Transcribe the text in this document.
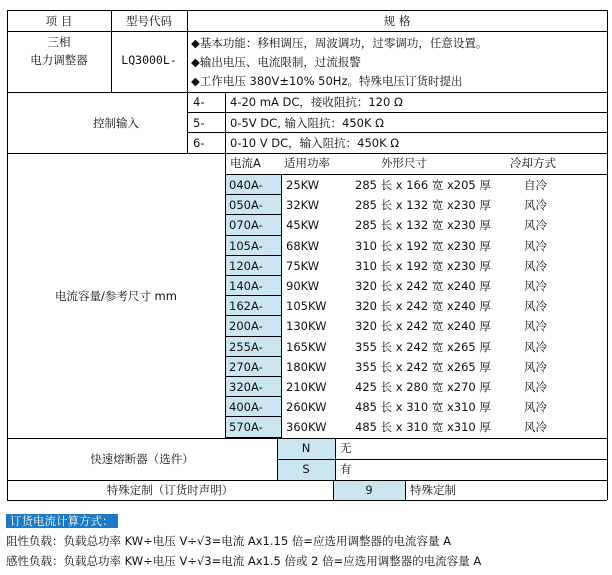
项 目	型号代码	规 格
三相
电力调整器	LQ3000L-
◆基本功能：移相调压，周波调功，过零调功，任意设置。
◆输出电压、电流限制，过流报警
◆工作电压 380V±10% 50Hz。特殊电压订货时提出
控制输入
4- 4-20 mA DC，接收阻抗：120 Ω
5- 0-5V DC, 输入阻抗：450K Ω
6- 0-10 V DC，输入阻抗：450K Ω
电流容量/参考尺寸 mm
电流A 适用功率	外形尺寸	冷却方式
040A-	25KW	285 长 x 166 宽 x205 厚	自冷
050A-	32KW	285 长 x 132 宽 x230 厚	风冷
070A-	45KW	285 长 x 132 宽 x230 厚	风冷
105A-	68KW	310 长 x 192 宽 x230 厚	风冷
120A-	75KW	310 长 x 192 宽 x230 厚	风冷
140A-	90KW	320 长 x 242 宽 x240 厚	风冷
162A-	105KW 320 长 x 242 宽 x240 厚	风冷
200A-	130KW 320 长 x 242 宽 x240 厚	风冷
255A-	165KW 355 长 x 242 宽 x265 厚	风冷
270A-	180KW 355 长 x 242 宽 x265 厚	风冷
320A-	210KW 425 长 x 280 宽 x270 厚	风冷
400A-	260KW 485 长 x 310 宽 x310 厚	风冷
570A-	360KW 485 长 x 310 宽 x310 厚	风冷
快速熔断器（选件）
N	无
S	有
特殊定制（订货时声明）	9	特殊定制
订货电流计算方式：
阻性负载：负载总功率 KW÷电压 V÷√3=电流 Ax1.15 倍=应选用调整器的电流容量 A
感性负载：负载总功率 KW÷电压 V÷√3=电流 Ax1.5 倍或 2 倍=应选用调整器的电流容量 A
